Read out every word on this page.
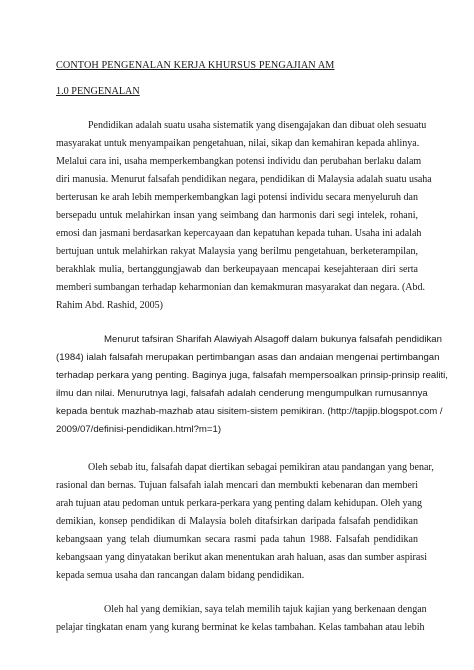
CONTOH PENGENALAN KERJA KHURSUS PENGAJIAN AM
1.0 PENGENALAN
Pendidikan adalah suatu usaha sistematik yang disengajakan dan dibuat oleh sesuatu
masyarakat untuk menyampaikan pengetahuan, nilai, sikap dan kemahiran kepada ahlinya.
Melalui cara ini, usaha memperkembangkan potensi individu dan perubahan berlaku dalam
diri manusia. Menurut falsafah pendidikan negara, pendidikan di Malaysia adalah suatu usaha
berterusan ke arah lebih memperkembangkan lagi potensi individu secara menyeluruh dan
bersepadu untuk melahirkan insan yang seimbang dan harmonis dari segi intelek, rohani,
emosi dan jasmani berdasarkan kepercayaan dan kepatuhan kepada tuhan. Usaha ini adalah
bertujuan untuk melahirkan rakyat Malaysia yang berilmu pengetahuan, berketerampilan,
berakhlak mulia, bertanggungjawab dan berkeupayaan mencapai kesejahteraan diri serta
memberi sumbangan terhadap keharmonian dan kemakmuran masyarakat dan negara. (Abd.
Rahim Abd. Rashid, 2005)
Menurut tafsiran Sharifah Alawiyah Alsagoff dalam bukunya falsafah pendidikan
(1984) ialah falsafah merupakan pertimbangan asas dan andaian mengenai pertimbangan
terhadap perkara yang penting. Baginya juga, falsafah mempersoalkan prinsip-prinsip realiti,
ilmu dan nilai. Menurutnya lagi, falsafah adalah cenderung mengumpulkan rumusannya
kepada bentuk mazhab-mazhab atau sisitem-sistem pemikiran. (http://tapjip.blogspot.com /
2009/07/definisi-pendidikan.html?m=1)
Oleh sebab itu, falsafah dapat diertikan sebagai pemikiran atau pandangan yang benar,
rasional dan bernas. Tujuan falsafah ialah mencari dan membukti kebenaran dan memberi
arah tujuan atau pedoman untuk perkara-perkara yang penting dalam kehidupan. Oleh yang
demikian, konsep pendidikan di Malaysia boleh ditafsirkan daripada falsafah pendidikan
kebangsaan yang telah diumumkan secara rasmi pada tahun 1988. Falsafah pendidikan
kebangsaan yang dinyatakan berikut akan menentukan arah haluan, asas dan sumber aspirasi
kepada semua usaha dan rancangan dalam bidang pendidikan.
Oleh hal yang demikian, saya telah memilih tajuk kajian yang berkenaan dengan
pelajar tingkatan enam yang kurang berminat ke kelas tambahan. Kelas tambahan atau lebih
